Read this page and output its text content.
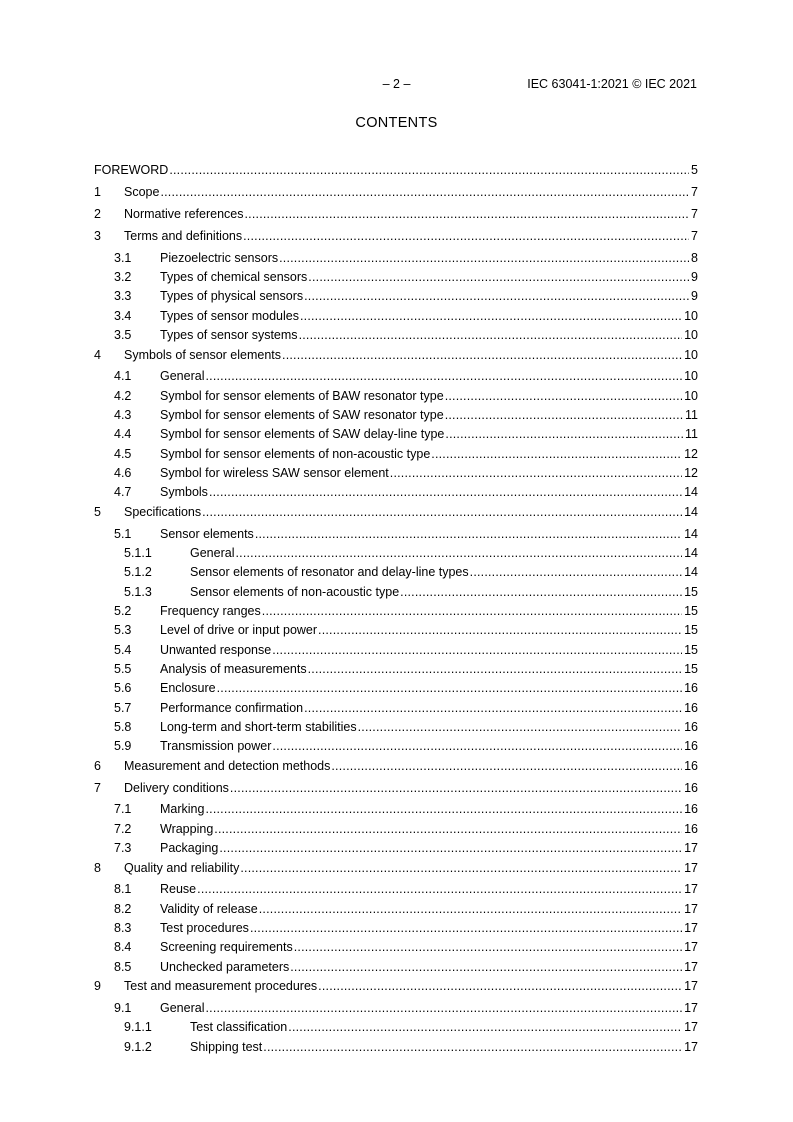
– 2 –	IEC 63041-1:2021 © IEC 2021
CONTENTS
FOREWORD .....	5
1	Scope .....	7
2	Normative references .....	7
3	Terms and definitions .....	7
3.1	Piezoelectric sensors .....	8
3.2	Types of chemical sensors .....	9
3.3	Types of physical sensors .....	9
3.4	Types of sensor modules .....	10
3.5	Types of sensor systems .....	10
4	Symbols of sensor elements .....	10
4.1	General .....	10
4.2	Symbol for sensor elements of BAW resonator type .....	10
4.3	Symbol for sensor elements of SAW resonator type .....	11
4.4	Symbol for sensor elements of SAW delay-line type .....	11
4.5	Symbol for sensor elements of non-acoustic type .....	12
4.6	Symbol for wireless SAW sensor element .....	12
4.7	Symbols .....	14
5	Specifications .....	14
5.1	Sensor elements .....	14
5.1.1	General .....	14
5.1.2	Sensor elements of resonator and delay-line types .....	14
5.1.3	Sensor elements of non-acoustic type .....	15
5.2	Frequency ranges .....	15
5.3	Level of drive or input power .....	15
5.4	Unwanted response .....	15
5.5	Analysis of measurements .....	15
5.6	Enclosure .....	16
5.7	Performance confirmation .....	16
5.8	Long-term and short-term stabilities .....	16
5.9	Transmission power .....	16
6	Measurement and detection methods .....	16
7	Delivery conditions .....	16
7.1	Marking .....	16
7.2	Wrapping .....	16
7.3	Packaging .....	17
8	Quality and reliability .....	17
8.1	Reuse .....	17
8.2	Validity of release .....	17
8.3	Test procedures .....	17
8.4	Screening requirements .....	17
8.5	Unchecked parameters .....	17
9	Test and measurement procedures .....	17
9.1	General .....	17
9.1.1	Test classification .....	17
9.1.2	Shipping test .....	17
